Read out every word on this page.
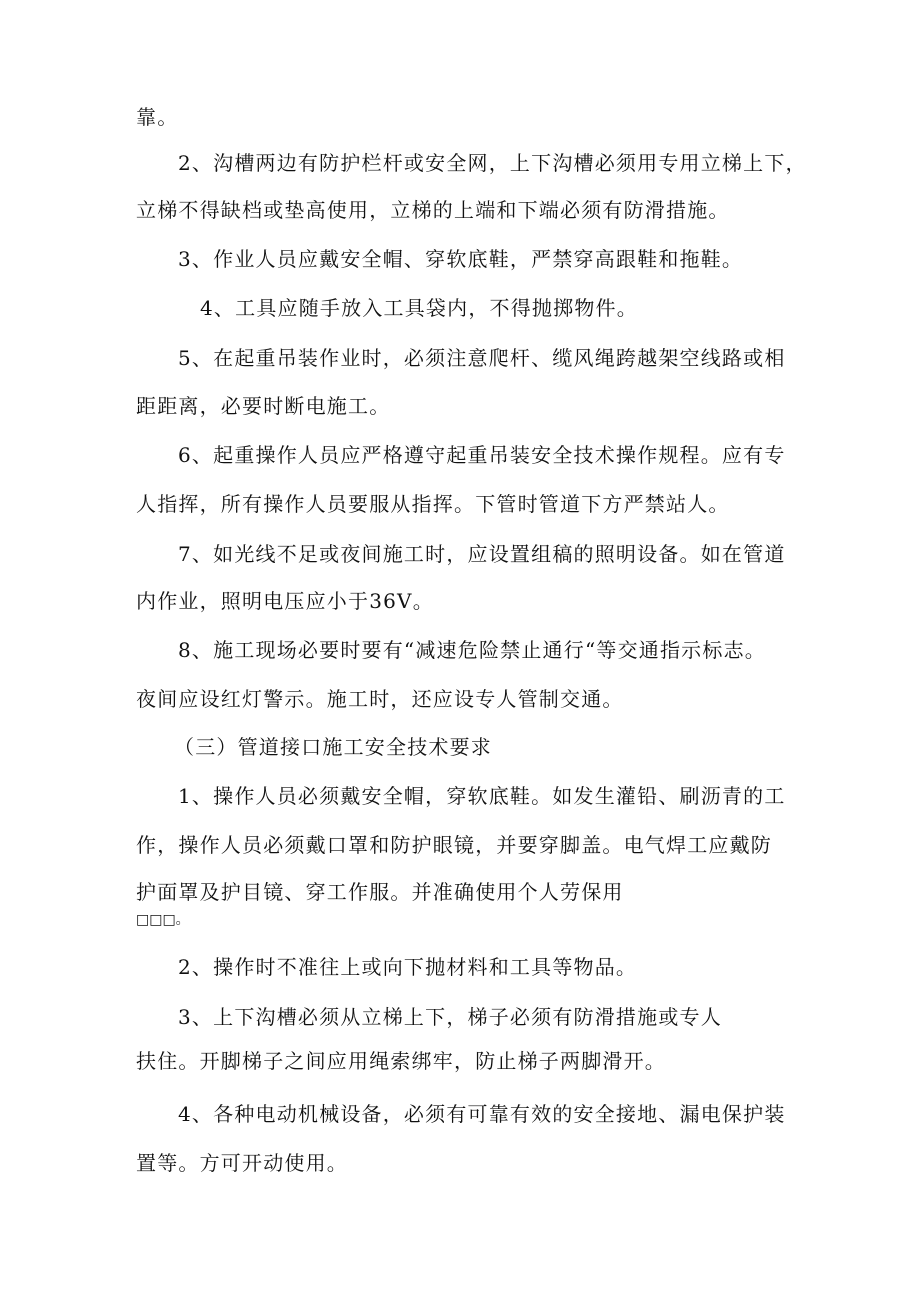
靠。
2、沟槽两边有防护栏杆或安全网，上下沟槽必须用专用立梯上下，
立梯不得缺档或垫高使用，立梯的上端和下端必须有防滑措施。
3、作业人员应戴安全帽、穿软底鞋，严禁穿高跟鞋和拖鞋。
4、工具应随手放入工具袋内，不得抛掷物件。
5、在起重吊装作业时，必须注意爬杆、缆风绳跨越架空线路或相
距距离，必要时断电施工。
6、起重操作人员应严格遵守起重吊装安全技术操作规程。应有专
人指挥，所有操作人员要服从指挥。下管时管道下方严禁站人。
7、如光线不足或夜间施工时，应设置组稿的照明设备。如在管道
内作业，照明电压应小于36V。
8、施工现场必要时要有“减速危险禁止通行“等交通指示标志。
夜间应设红灯警示。施工时，还应设专人管制交通。
（三）管道接口施工安全技术要求
1、操作人员必须戴安全帽，穿软底鞋。如发生灌铅、刷沥青的工
作，操作人员必须戴口罩和防护眼镜，并要穿脚盖。电气焊工应戴防
护面罩及护目镜、穿工作服。并准确使用个人劳保用
□□□。
2、操作时不准往上或向下抛材料和工具等物品。
3、上下沟槽必须从立梯上下，梯子必须有防滑措施或专人
扶住。开脚梯子之间应用绳索绑牢，防止梯子两脚滑开。
4、各种电动机械设备，必须有可靠有效的安全接地、漏电保护装
置等。方可开动使用。
